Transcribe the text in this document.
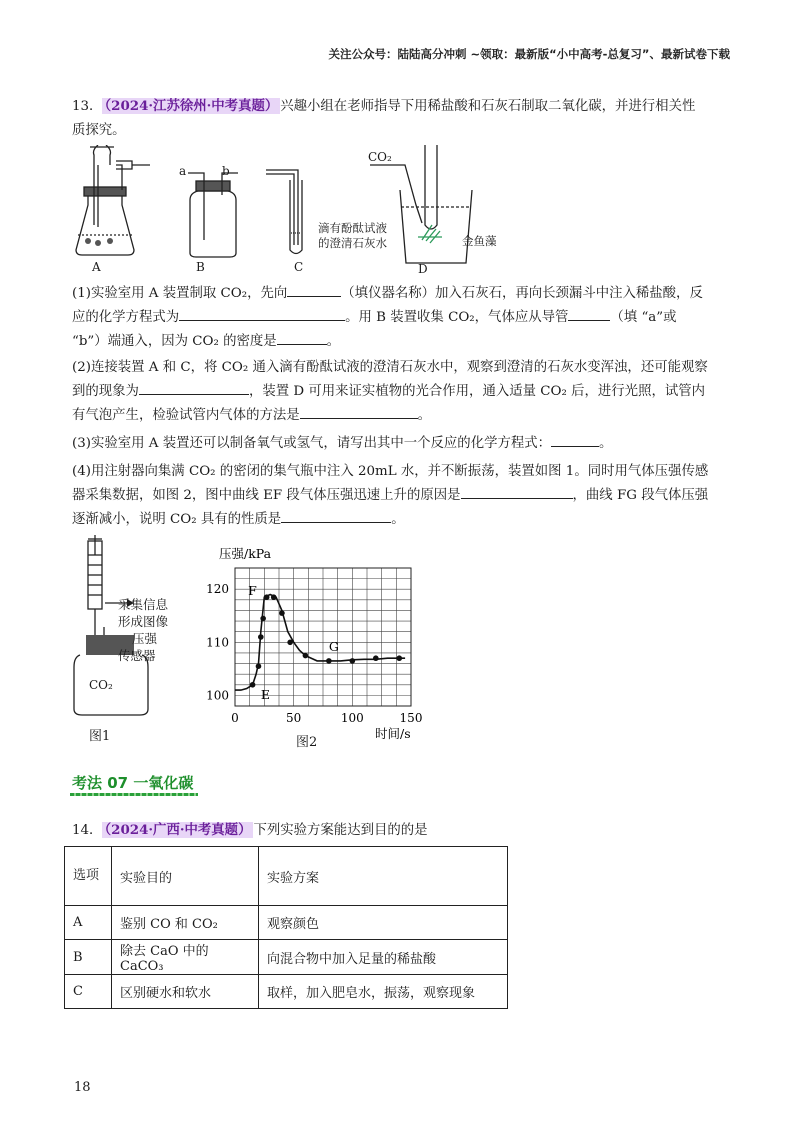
关注公众号：陆陆高分冲刺 ~领取：最新版“小中高考-总复习”、最新试卷下载
13． （2024·江苏徐州·中考真题） 兴趣小组在老师指导下用稀盐酸和石灰石制取二氧化碳，并进行相关性
质探究。
A
a	b
B	C	D
CO₂
滴有酚酞试液
的澄清石灰水	金鱼藻
(1)实验室用 A 装置制取 CO₂，先向	（填仪器名称）加入石灰石，再向长颈漏斗中注入稀盐酸，反
应的化学方程式为	。用 B 装置收集 CO₂，气体应从导管	（填 “a”或
“b”）端通入，因为 CO₂ 的密度是	。
(2)连接装置 A 和 C，将 CO₂ 通入滴有酚酞试液的澄清石灰水中，观察到澄清的石灰水变浑浊，还可能观察
到的现象为	，装置 D 可用来证实植物的光合作用，通入适量 CO₂ 后，进行光照，试管内
有气泡产生，检验试管内气体的方法是	。
(3)实验室用 A 装置还可以制备氧气或氢气，请写出其中一个反应的化学方程式：	。
(4)用注射器向集满 CO₂ 的密闭的集气瓶中注入 20mL 水，并不断振荡，装置如图 1。同时用气体压强传感
器采集数据，如图 2，图中曲线 EF 段气体压强迅速上升的原因是	，曲线 FG 段气体压强
逐渐减小，说明 CO₂ 具有的性质是	。
采集信息
形成图像
压强
传感器
CO₂
图1
0	50	100	150
100
110
120
压强/kPa
时间/s
F
G
E
图2
考法 07 一氧化碳
14． （2024·广西·中考真题） 下列实验方案能达到目的的是
选项	实验目的	实验方案
A	鉴别 CO 和 CO₂	观察颜色
B	除去 CaO 中的 CaCO₃	向混合物中加入足量的稀盐酸
C	区别硬水和软水	取样，加入肥皂水，振荡，观察现象
18
